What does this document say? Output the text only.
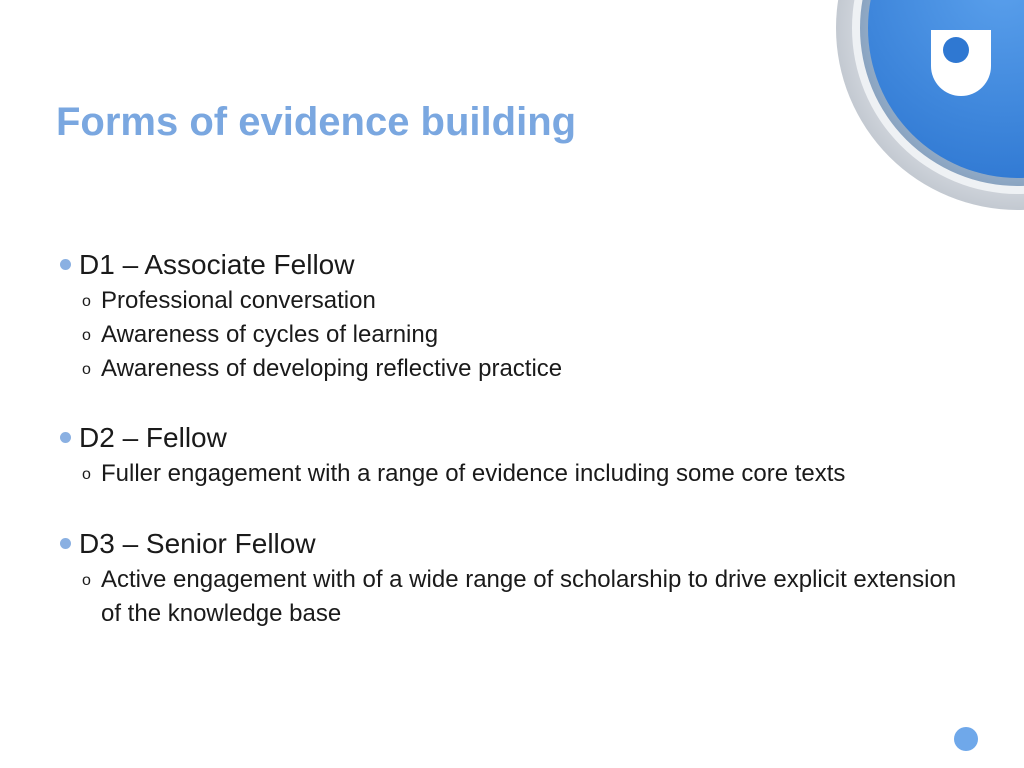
Forms of evidence building
D1 – Associate Fellow
o Professional conversation
o Awareness of cycles of learning
o Awareness of developing reflective practice
D2 – Fellow
o Fuller engagement with a range of evidence including some core texts
D3 – Senior Fellow
o Active engagement with of a wide range of scholarship to drive explicit extension of the knowledge base
